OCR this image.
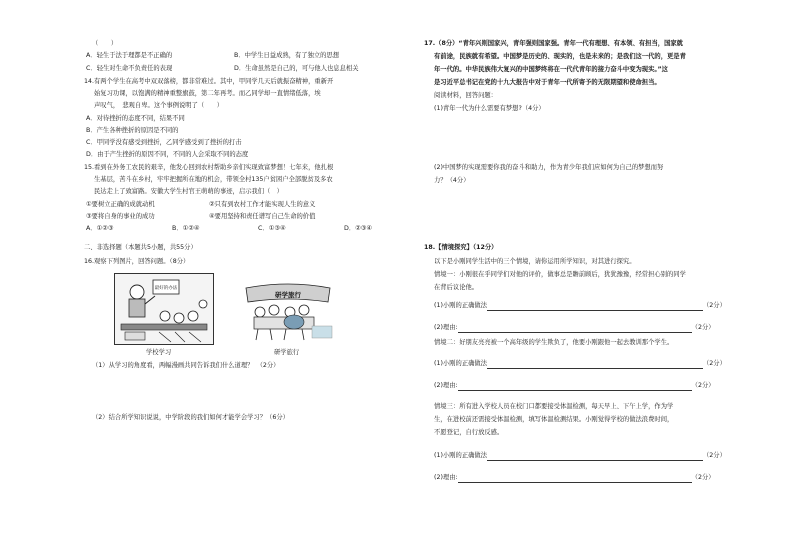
（　　）
A．轻生于法于理都是不正确的	B．中学生日益成熟，有了独立的思想
C．轻生对生命不负责任的表现	D．生命虽然是自己的，可与他人也息息相关
14.有两个学生在高考中双双落榜，都非常难过。其中，甲同学几天后就振奋精神，重新开
始复习功课，以饱满的精神重整旗鼓，第二年再考。而乙同学却一直情绪低落，埃
声叹气，　悲观自卑。这个事例说明了（　　）
A．对待挫折的态度不同，结果不同
B．产生各种挫折的原因是不同的
C．甲同学没有感受到挫折，乙同学感受到了挫折的打击
D．由于产生挫折的原因不同，不同的人会采取不同的态度
15.看到在外务工农民的艰辛，他发心回到农村帮助乡亲们实现致富梦想！七年来，他扎根
生基层，苦斗在乡村，牢牢把握所在地的机会，带领全村135户贫困户全部脱贫及多农
民达走上了致富路。安徽大学生村官王萌萌的事迹，启示我们（　）
①要树立正确的成就动机	②只有到农村工作才能实现人生的意义
③要将自身的事业的成功	④要用坚持和责任谱写自己生命的价值
A．①②③	B．①②④	C．①③④	D．②③④
二、非选择题（本题共5小题，共55分）
16.观察下列图片，回答问题。（8分）
最好的办法
学校学习
研学旅行
研学旅行
（1）从学习的角度看，两幅漫画共同告诉我们什么道理？　（2分）
（2）结合所学知识说说，中学阶段的我们如何才能学会学习？（6分）
17.（8分）“青年兴则国家兴，青年强则国家强。青年一代有理想、有本领、有担当，国家就
有前途，民族就有希望。中国梦是历史的、现实的，也是未来的；是我们这一代的，更是青
年一代的。中华民族伟大复兴的中国梦终将在一代代青年的接力奋斗中变为现实。”这
是习近平总书记在党的十九大报告中对于青年一代所寄予的无限期望和使命担当。
阅读材料，回答问题：
(1)青年一代为什么需要有梦想?（4分）
(2)中国梦的实现需要你我的奋斗和助力，作为青少年我们应如何为自己的梦想而努
力？（4分）
18.【情境探究】（12分）
以下是小刚同学生活中的三个情境，请你运用所学知识，对其进行探究。
情境一：小刚很在乎同学们对他的评价，做事总是瞻前顾后，犹犹豫豫，经常担心别的同学
在背后议论他。
(1)小刚的正确做法	（2分）
(2)理由:	（2分）
情境二：好朋友亮亮被一个高年级的学生欺负了，他要小刚跟他一起去教训那个学生。
(1)小刚的正确做法	（2分）
(2)理由:	（2分）
情境三：所有进入学校人员在校门口都要接受体温检测，每天早上、下午上学，作为学
生，在进校前还需接受体温检测，填写体温检测结果。小刚觉得学校的做法浪费时间，
不愿登记，自行放反感。
(1)小刚的正确做法	（2分）
(2)理由:	（2分）
